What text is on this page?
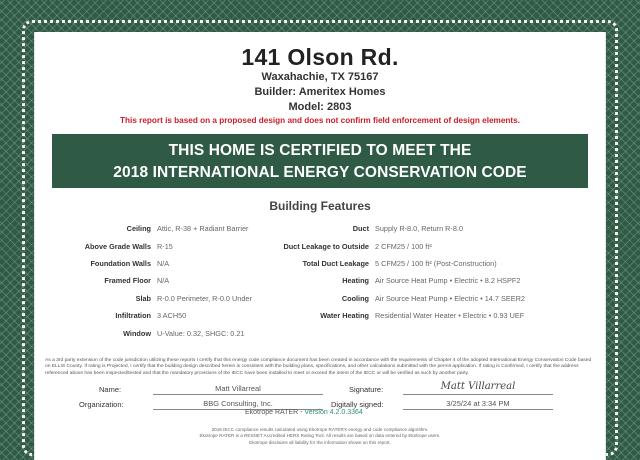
141 Olson Rd.
Waxahachie, TX 75167
Builder: Ameritex Homes
Model: 2803
This report is based on a proposed design and does not confirm field enforcement of design elements.
THIS HOME IS CERTIFIED TO MEET THE
2018 INTERNATIONAL ENERGY CONSERVATION CODE
Building Features
Ceiling Attic, R-38 + Radiant Barrier
Above Grade Walls R-15
Foundation Walls N/A
Framed Floor N/A
Slab R-0.0 Perimeter, R-0.0 Under
Infiltration 3 ACH50
Window U-Value: 0.32, SHGC: 0.21
Duct Supply R-8.0, Return R-8.0
Duct Leakage to Outside 2 CFM25 / 100 ft²
Total Duct Leakage 5 CFM25 / 100 ft² (Post-Construction)
Heating Air Source Heat Pump • Electric • 8.2 HSPF2
Cooling Air Source Heat Pump • Electric • 14.7 SEER2
Water Heating Residential Water Heater • Electric • 0.93 UEF
As a 3rd party extension of the code jurisdiction utilizing these reports I certify that this energy code compliance document has been created in accordance with the requirements of Chapter 4 of the adopted International Energy Conservation Code based on ELLIS County. If rating is Projected, I certify that the building design described herein is consistent with the building plans, specifications, and other calculations submitted with the permit application. If rating is Confirmed, I certify that the address referenced above has been inspected/tested and that the mandatory provisions of the IECC have been installed to meet or exceed the intent of the IECC or will be verified as such by another party.
Name:	Matt Villarreal	Signature:	Matt Villarreal
Organization:	BBG Consulting, Inc.	Digitally signed:	3/25/24 at 3:34 PM
Ekotrope RATER - Version 4.2.0.3364
2018 IECC compliance results calculated using Ekotrope RATER's energy and code compliance algorithm.
Ekotrope RATER is a RESNET Accredited HERS Rating Tool. All results are based on data entered by Ekotrope users.
Ekotrope disclaims all liability for the information shown on this report.
